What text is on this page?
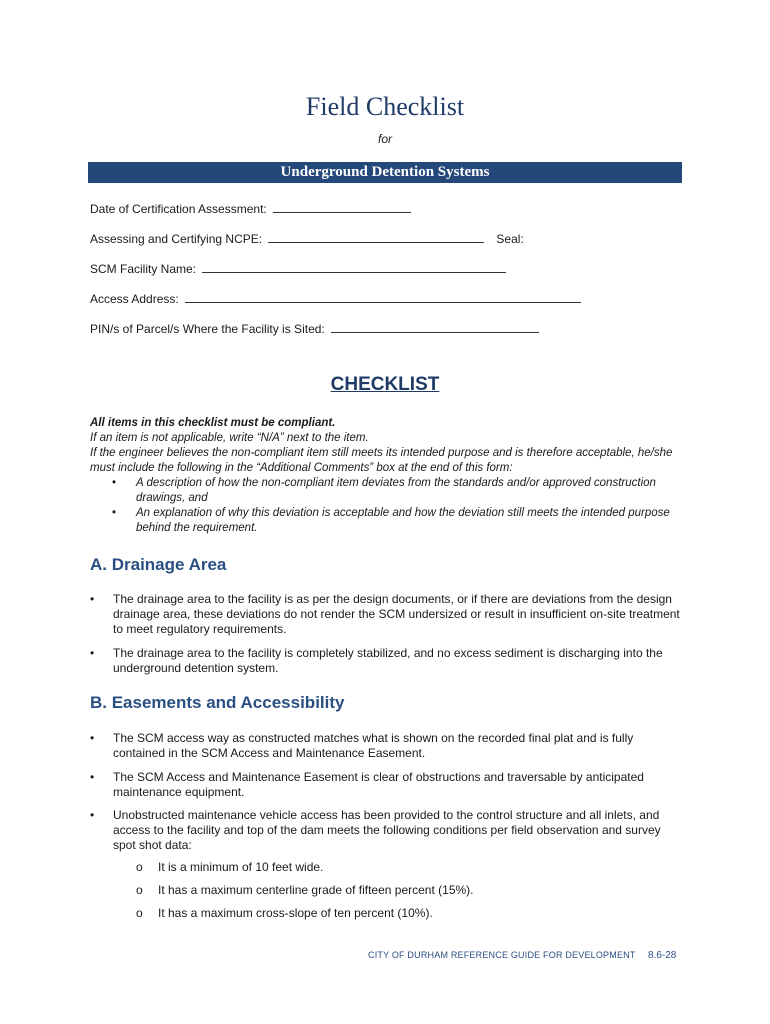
Field Checklist
for
Underground Detention Systems
Date of Certification Assessment:
Assessing and Certifying NCPE:	Seal:
SCM Facility Name:
Access Address:
PIN/s of Parcel/s Where the Facility is Sited:
CHECKLIST
All items in this checklist must be compliant.
If an item is not applicable, write “N/A” next to the item.
If the engineer believes the non-compliant item still meets its intended purpose and is therefore acceptable, he/she must include the following in the “Additional Comments” box at the end of this form:
• A description of how the non-compliant item deviates from the standards and/or approved construction drawings, and
• An explanation of why this deviation is acceptable and how the deviation still meets the intended purpose behind the requirement.
A. Drainage Area
•	The drainage area to the facility is as per the design documents, or if there are deviations from the design drainage area, these deviations do not render the SCM undersized or result in insufficient on-site treatment to meet regulatory requirements.
•	The drainage area to the facility is completely stabilized, and no excess sediment is discharging into the underground detention system.
B. Easements and Accessibility
•	The SCM access way as constructed matches what is shown on the recorded final plat and is fully contained in the SCM Access and Maintenance Easement.
•	The SCM Access and Maintenance Easement is clear of obstructions and traversable by anticipated maintenance equipment.
•	Unobstructed maintenance vehicle access has been provided to the control structure and all inlets, and access to the facility and top of the dam meets the following conditions per field observation and survey spot shot data:
o	It is a minimum of 10 feet wide.
o	It has a maximum centerline grade of fifteen percent (15%).
o	It has a maximum cross-slope of ten percent (10%).
CITY OF DURHAM REFERENCE GUIDE FOR DEVELOPMENT 8.6-28
